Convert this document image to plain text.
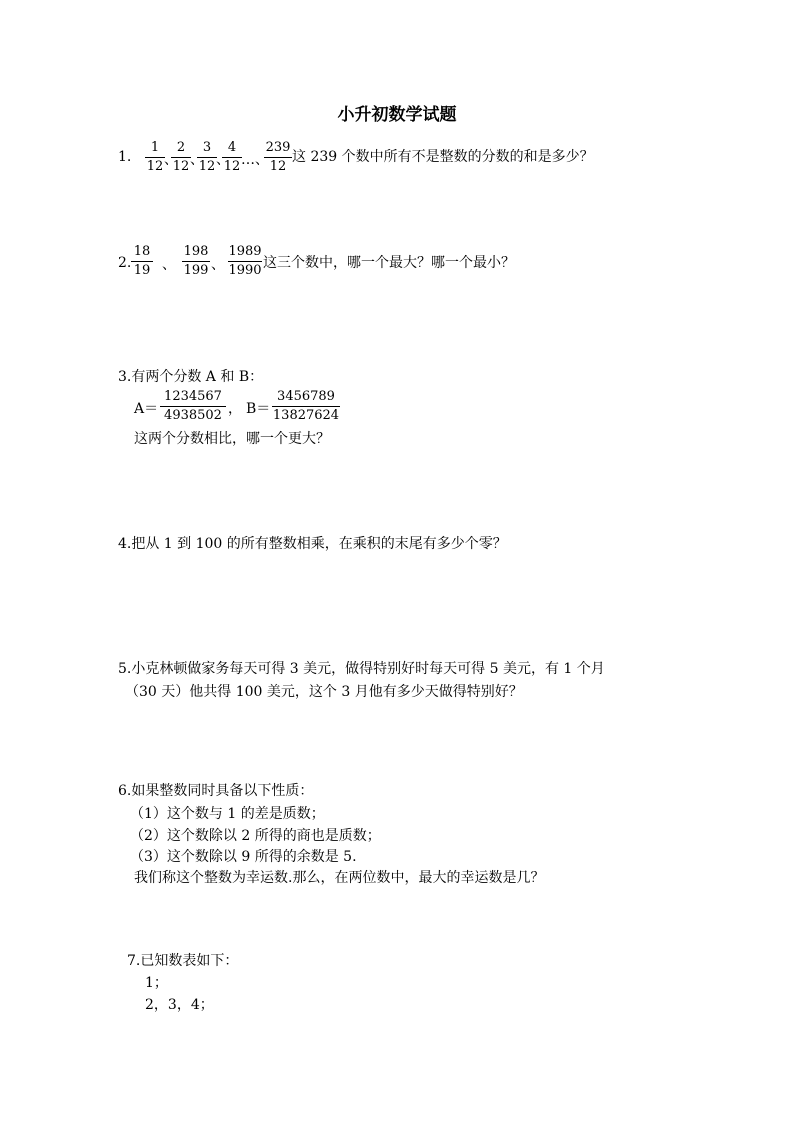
小升初数学试题
1.
1
12 、
2
12 、
3
12 、
4
12 …、
239
12
这 239 个数中所有不是整数的分数的和是多少？
2.
18
19 、
198
199 、
1989
1990 这三个数中，哪一个最大？哪一个最小？
3.有两个分数 A 和 B：
A＝
1234567
4938502 ， B＝
3456789
13827624
这两个分数相比，哪一个更大？
4.把从 1 到 100 的所有整数相乘，在乘积的末尾有多少个零？
5.小克林顿做家务每天可得 3 美元，做得特别好时每天可得 5 美元，有 1 个月
（30 天）他共得 100 美元，这个 3 月他有多少天做得特别好？
6.如果整数同时具备以下性质：
（1）这个数与 1 的差是质数；
（2）这个数除以 2 所得的商也是质数；
（3）这个数除以 9 所得的余数是 5.
我们称这个整数为幸运数.那么，在两位数中，最大的幸运数是几？
7.已知数表如下：
1；
2，3，4；
